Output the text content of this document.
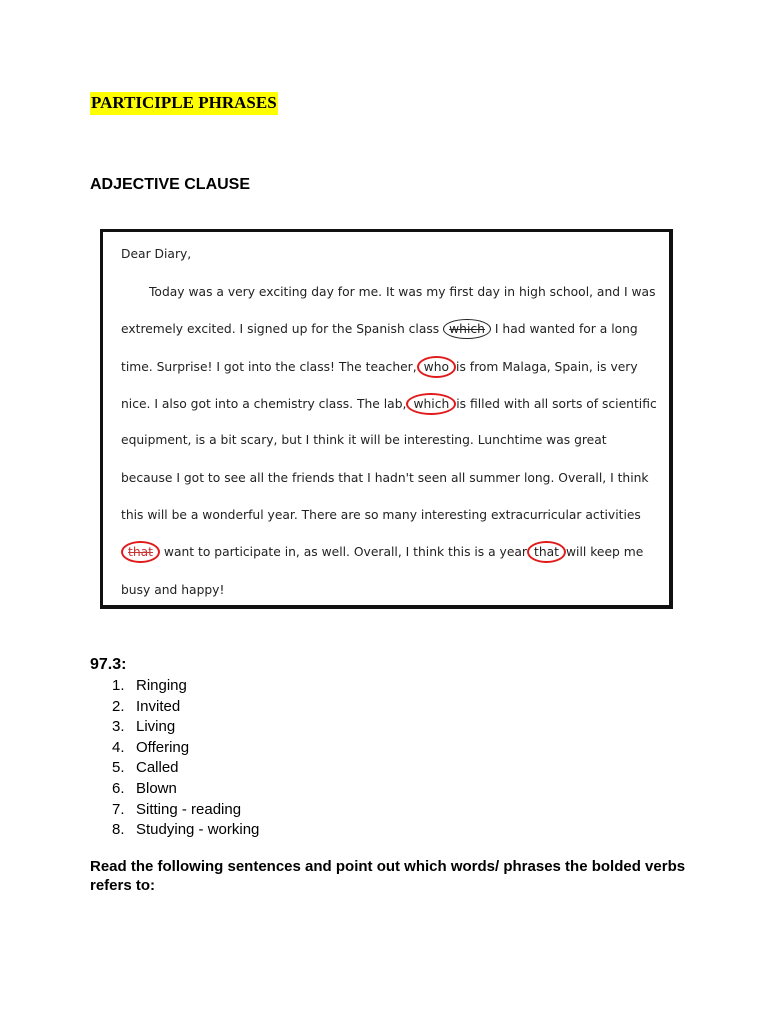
PARTICIPLE PHRASES
ADJECTIVE CLAUSE
Dear Diary,
Today was a very exciting day for me. It was my first day in high school, and I was
extremely excited. I signed up for the Spanish class which I had wanted for a long
time. Surprise! I got into the class! The teacher, who is from Malaga, Spain, is very
nice. I also got into a chemistry class. The lab, which is filled with all sorts of scientific
equipment, is a bit scary, but I think it will be interesting. Lunchtime was great
because I got to see all the friends that I hadn't seen all summer long. Overall, I think
this will be a wonderful year. There are so many interesting extracurricular activities
that want to participate in, as well. Overall, I think this is a year that will keep me
busy and happy!
97.3:
1. Ringing
2. Invited
3. Living
4. Offering
5. Called
6. Blown
7. Sitting - reading
8. Studying - working
Read the following sentences and point out which words/ phrases the bolded verbs refers to:
